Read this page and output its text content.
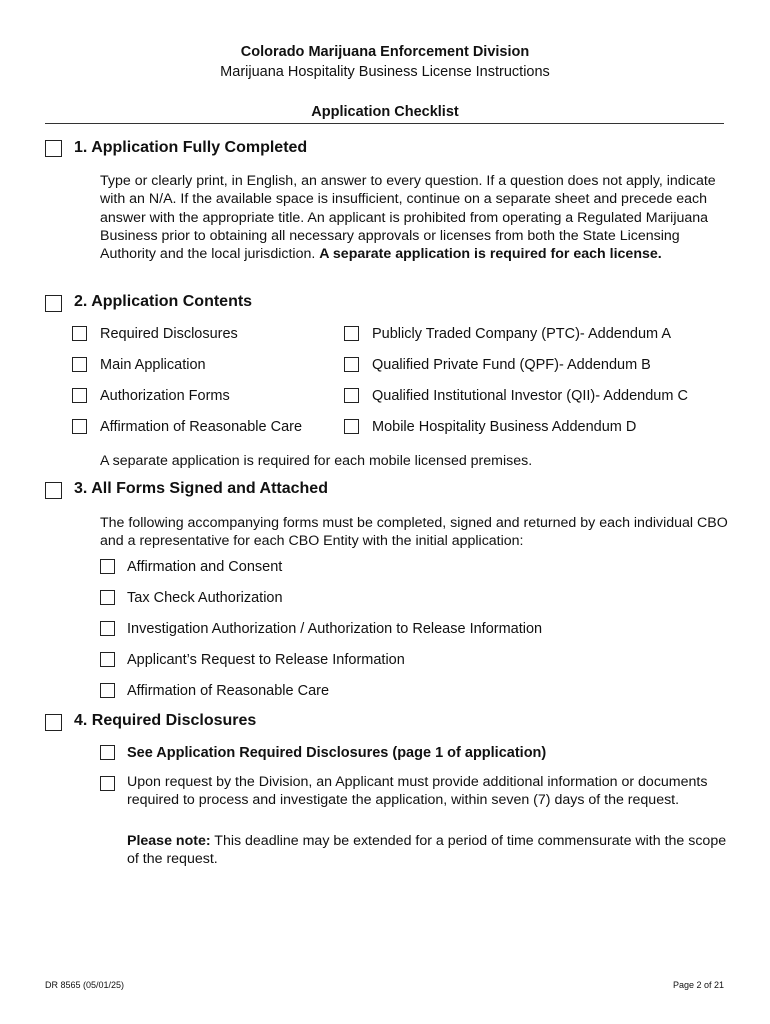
Colorado Marijuana Enforcement Division
Marijuana Hospitality Business License Instructions
Application Checklist
1. Application Fully Completed
Type or clearly print, in English, an answer to every question. If a question does not apply, indicate with an N/A. If the available space is insufficient, continue on a separate sheet and precede each answer with the appropriate title. An applicant is prohibited from operating a Regulated Marijuana Business prior to obtaining all necessary approvals or licenses from both the State Licensing Authority and the local jurisdiction. A separate application is required for each license.
2. Application Contents
Required Disclosures
Main Application
Authorization Forms
Affirmation of Reasonable Care
Publicly Traded Company (PTC)- Addendum A
Qualified Private Fund (QPF)- Addendum B
Qualified Institutional Investor (QII)- Addendum C
Mobile Hospitality Business Addendum D
A separate application is required for each mobile licensed premises.
3. All Forms Signed and Attached
The following accompanying forms must be completed, signed and returned by each individual CBO and a representative for each CBO Entity with the initial application:
Affirmation and Consent
Tax Check Authorization
Investigation Authorization / Authorization to Release Information
Applicant’s Request to Release Information
Affirmation of Reasonable Care
4. Required Disclosures
See Application Required Disclosures (page 1 of application)
Upon request by the Division, an Applicant must provide additional information or documents required to process and investigate the application, within seven (7) days of the request.
Please note: This deadline may be extended for a period of time commensurate with the scope of the request.
DR 8565 (05/01/25)	Page 2 of 21
